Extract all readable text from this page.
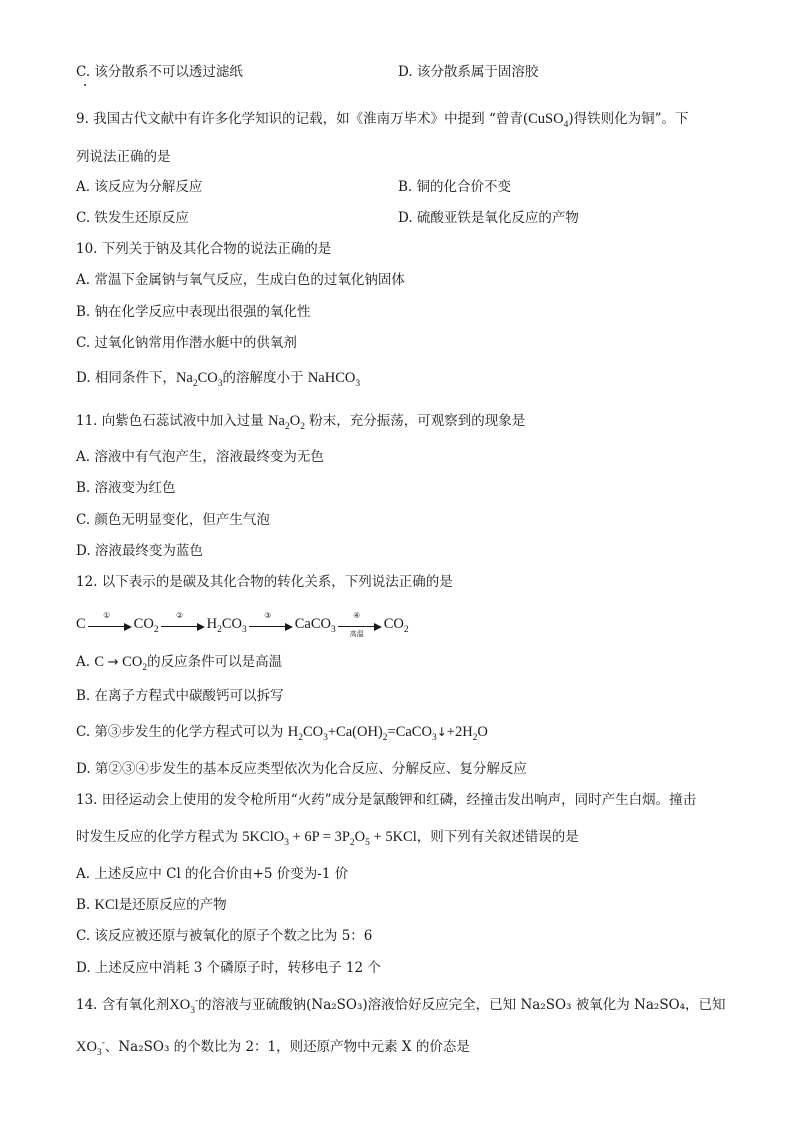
C. 该分散系不可以透过滤纸	D. 该分散系属于固溶胶
9. 我国古代文献中有许多化学知识的记载，如《淮南万毕术》中提到 “曾青(CuSO$_4$)得铁则化为铜”。下
列说法正确的是
A. 该反应为分解反应	B. 铜的化合价不变
C. 铁发生还原反应	D. 硫酸亚铁是氧化反应的产物
10. 下列关于钠及其化合物的说法正确的是
A. 常温下金属钠与氧气反应，生成白色的过氧化钠固体
B. 钠在化学反应中表现出很强的氧化性
C. 过氧化钠常用作潜水艇中的供氧剂
D. 相同条件下，$Na_2CO_3$的溶解度小于 NaHCO$_3$
11. 向紫色石蕊试液中加入过量 $Na_2O_2$ 粉末，充分振荡，可观察到的现象是
A. 溶液中有气泡产生，溶液最终变为无色
B. 溶液变为红色
C. 颜色无明显变化，但产生气泡
D. 溶液最终变为蓝色
12. 以下表示的是碳及其化合物的转化关系，下列说法正确的是
C
①
$CO_2$
②
$H_2CO_3$
③
CaCO$_3$
④
高温
$CO_2$
A. $C \to CO_2$的反应条件可以是高温
B. 在离子方程式中碳酸钙可以拆写
C. 第③步发生的化学方程式可以为 $H_2CO_3+Ca(OH)_2=CaCO_3↓+2H_2O$
D. 第②③④步发生的基本反应类型依次为化合反应、分解反应、复分解反应
13. 田径运动会上使用的发令枪所用“火药”成分是氯酸钾和红磷，经撞击发出响声，同时产生白烟。撞击
时发生反应的化学方程式为 5KClO$_3$ + $6P = 3P_2O_5 + 5KCl$，则下列有关叙述错误的是
A. 上述反应中 Cl 的化合价由+5 价变为-1 价
B. KCl是还原反应的产物
C. 该反应被还原与被氧化的原子个数之比为 5：6
D. 上述反应中消耗 3 个磷原子时，转移电子 12 个
14. 含有氧化剂$XO_3^-$的溶液与亚硫酸钠(Na₂SO₃)溶液恰好反应完全，已知 Na₂SO₃ 被氧化为 Na₂SO₄，已知
$XO_3^-$、Na₂SO₃ 的个数比为 2：1，则还原产物中元素 X 的价态是
